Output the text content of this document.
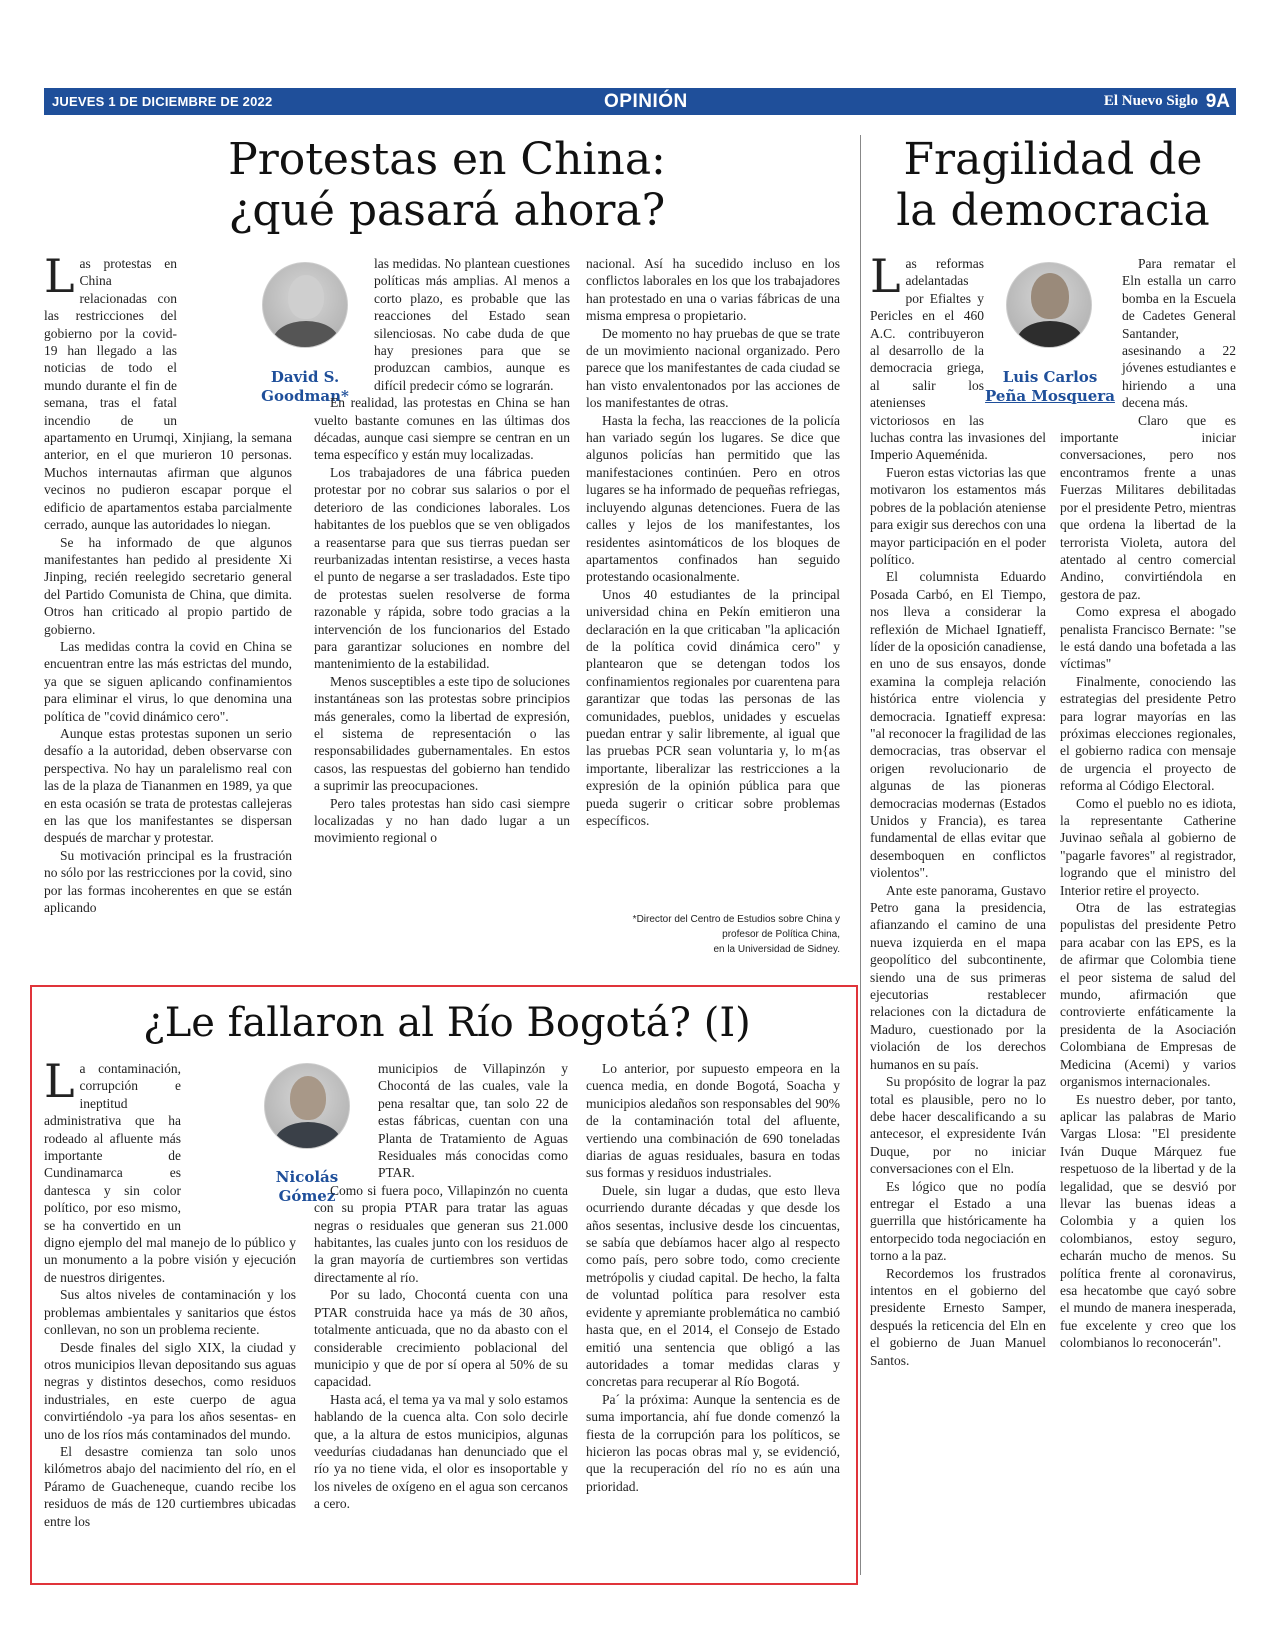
JUEVES 1 DE DICIEMBRE DE 2022	OPINIÓN	El Nuevo Siglo 9A
Protestas en China:
¿qué pasará ahora?
David S.
Goodman*

Las protestas en China relacionadas con las restricciones del gobierno por la covid-19 han llegado a las noticias de todo el mundo durante el fin de semana, tras el fatal incendio de un apartamento en Urumqi, Xinjiang, la semana anterior, en el que murieron 10 personas. Muchos internautas afirman que algunos vecinos no pudieron escapar porque el edificio de apartamentos estaba parcialmente cerrado, aunque las autoridades lo niegan.

Se ha informado de que algunos manifestantes han pedido al presidente Xi Jinping, recién reelegido secretario general del Partido Comunista de China, que dimita. Otros han criticado al propio partido de gobierno.

Las medidas contra la covid en China se encuentran entre las más estrictas del mundo, ya que se siguen aplicando confinamientos para eliminar el virus, lo que denomina una política de "covid dinámico cero".

Aunque estas protestas suponen un serio desafío a la autoridad, deben observarse con perspectiva. No hay un paralelismo real con las de la plaza de Tiananmen en 1989, ya que en esta ocasión se trata de protestas callejeras en las que los manifestantes se dispersan después de marchar y protestar.

Su motivación principal es la frustración no sólo por las restricciones por la covid, sino por las formas incoherentes en que se están aplicando

las medidas. No plantean cuestiones políticas más amplias. Al menos a corto plazo, es probable que las reacciones del Estado sean silenciosas. No cabe duda de que hay presiones para que se produzcan cambios, aunque es difícil predecir cómo se lograrán.

En realidad, las protestas en China se han vuelto bastante comunes en las últimas dos décadas, aunque casi siempre se centran en un tema específico y están muy localizadas.

Los trabajadores de una fábrica pueden protestar por no cobrar sus salarios o por el deterioro de las condiciones laborales. Los habitantes de los pueblos que se ven obligados a reasentarse para que sus tierras puedan ser reurbanizadas intentan resistirse, a veces hasta el punto de negarse a ser trasladados. Este tipo de protestas suelen resolverse de forma razonable y rápida, sobre todo gracias a la intervención de los funcionarios del Estado para garantizar soluciones en nombre del mantenimiento de la estabilidad.

Menos susceptibles a este tipo de soluciones instantáneas son las protestas sobre principios más generales, como la libertad de expresión, el sistema de representación o las responsabilidades gubernamentales. En estos casos, las respuestas del gobierno han tendido a suprimir las preocupaciones.

Pero tales protestas han sido casi siempre localizadas y no han dado lugar a un movimiento regional o

nacional. Así ha sucedido incluso en los conflictos laborales en los que los trabajadores han protestado en una o varias fábricas de una misma empresa o propietario.

De momento no hay pruebas de que se trate de un movimiento nacional organizado. Pero parece que los manifestantes de cada ciudad se han visto envalentonados por las acciones de los manifestantes de otras.

Hasta la fecha, las reacciones de la policía han variado según los lugares. Se dice que algunos policías han permitido que las manifestaciones continúen. Pero en otros lugares se ha informado de pequeñas refriegas, incluyendo algunas detenciones. Fuera de las calles y lejos de los manifestantes, los residentes asintomáticos de los bloques de apartamentos confinados han seguido protestando ocasionalmente.

Unos 40 estudiantes de la principal universidad china en Pekín emitieron una declaración en la que criticaban "la aplicación de la política covid dinámica cero" y plantearon que se detengan todos los confinamientos regionales por cuarentena para garantizar que todas las personas de las comunidades, pueblos, unidades y escuelas puedan entrar y salir libremente, al igual que las pruebas PCR sean voluntaria y, lo m{as importante, liberalizar las restricciones a la expresión de la opinión pública para que pueda sugerir o criticar sobre problemas específicos.

*Director del Centro de Estudios sobre China y
profesor de Política China,
en la Universidad de Sidney.
Fragilidad de
la democracia
Luis Carlos
Peña Mosquera

Las reformas adelantadas por Efialtes y Pericles en el 460 A.C. contribuyeron al desarrollo de la democracia griega, al salir los atenienses victoriosos en las luchas contra las invasiones del Imperio Aqueménida.

Fueron estas victorias las que motivaron los estamentos más pobres de la población ateniense para exigir sus derechos con una mayor participación en el poder político.

El columnista Eduardo Posada Carbó, en El Tiempo, nos lleva a considerar la reflexión de Michael Ignatieff, líder de la oposición canadiense, en uno de sus ensayos, donde examina la compleja relación histórica entre violencia y democracia. Ignatieff expresa: "al reconocer la fragilidad de las democracias, tras observar el origen revolucionario de algunas de las pioneras democracias modernas (Estados Unidos y Francia), es tarea fundamental de ellas evitar que desemboquen en conflictos violentos".

Ante este panorama, Gustavo Petro gana la presidencia, afianzando el camino de una nueva izquierda en el mapa geopolítico del subcontinente, siendo una de sus primeras ejecutorias restablecer relaciones con la dictadura de Maduro, cuestionado por la violación de los derechos humanos en su país.

Su propósito de lograr la paz total es plausible, pero no lo debe hacer descalificando a su antecesor, el expresidente Iván Duque, por no iniciar conversaciones con el Eln.

Es lógico que no podía entregar el Estado a una guerrilla que históricamente ha entorpecido toda negociación en torno a la paz.

Recordemos los frustrados intentos en el gobierno del presidente Ernesto Samper, después la reticencia del Eln en el gobierno de Juan Manuel Santos.

Para rematar el Eln estalla un carro bomba en la Escuela de Cadetes General Santander, asesinando a 22 jóvenes estudiantes e hiriendo a una decena más.

Claro que es importante iniciar conversaciones, pero nos encontramos frente a unas Fuerzas Militares debilitadas por el presidente Petro, mientras que ordena la libertad de la terrorista Violeta, autora del atentado al centro comercial Andino, convirtiéndola en gestora de paz.

Como expresa el abogado penalista Francisco Bernate: "se le está dando una bofetada a las víctimas"

Finalmente, conociendo las estrategias del presidente Petro para lograr mayorías en las próximas elecciones regionales, el gobierno radica con mensaje de urgencia el proyecto de reforma al Código Electoral.

Como el pueblo no es idiota, la representante Catherine Juvinao señala al gobierno de "pagarle favores" al registrador, logrando que el ministro del Interior retire el proyecto.

Otra de las estrategias populistas del presidente Petro para acabar con las EPS, es la de afirmar que Colombia tiene el peor sistema de salud del mundo, afirmación que controvierte enfáticamente la presidenta de la Asociación Colombiana de Empresas de Medicina (Acemi) y varios organismos internacionales.

Es nuestro deber, por tanto, aplicar las palabras de Mario Vargas Llosa: "El presidente Iván Duque Márquez fue respetuoso de la libertad y de la legalidad, que se desvió por llevar las buenas ideas a Colombia y a quien los colombianos, estoy seguro, echarán mucho de menos. Su política frente al coronavirus, esa hecatombe que cayó sobre el mundo de manera inesperada, fue excelente y creo que los colombianos lo reconocerán".

¿Le fallaron al Río Bogotá? (I)
Nicolás
Gómez

La contaminación, corrupción e ineptitud administrativa que ha rodeado al afluente más importante de Cundinamarca es dantesca y sin color político, por eso mismo, se ha convertido en un digno ejemplo del mal manejo de lo público y un monumento a la pobre visión y ejecución de nuestros dirigentes.

Sus altos niveles de contaminación y los problemas ambientales y sanitarios que éstos conllevan, no son un problema reciente.

Desde finales del siglo XIX, la ciudad y otros municipios llevan depositando sus aguas negras y distintos desechos, como residuos industriales, en este cuerpo de agua convirtiéndolo -ya para los años sesentas- en uno de los ríos más contaminados del mundo.

El desastre comienza tan solo unos kilómetros abajo del nacimiento del río, en el Páramo de Guacheneque, cuando recibe los residuos de más de 120 curtiembres ubicadas entre los

municipios de Villapinzón y Chocontá de las cuales, vale la pena resaltar que, tan solo 22 de estas fábricas, cuentan con una Planta de Tratamiento de Aguas Residuales más conocidas como PTAR.

Como si fuera poco, Villapinzón no cuenta con su propia PTAR para tratar las aguas negras o residuales que generan sus 21.000 habitantes, las cuales junto con los residuos de la gran mayoría de curtiembres son vertidas directamente al río.

Por su lado, Chocontá cuenta con una PTAR construida hace ya más de 30 años, totalmente anticuada, que no da abasto con el considerable crecimiento poblacional del municipio y que de por sí opera al 50% de su capacidad.

Hasta acá, el tema ya va mal y solo estamos hablando de la cuenca alta. Con solo decirle que, a la altura de estos municipios, algunas veedurías ciudadanas han denunciado que el río ya no tiene vida, el olor es insoportable y los niveles de oxígeno en el agua son cercanos a cero.

Lo anterior, por supuesto empeora en la cuenca media, en donde Bogotá, Soacha y municipios aledaños son responsables del 90% de la contaminación total del afluente, vertiendo una combinación de 690 toneladas diarias de aguas residuales, basura en todas sus formas y residuos industriales.

Duele, sin lugar a dudas, que esto lleva ocurriendo durante décadas y que desde los años sesentas, inclusive desde los cincuentas, se sabía que debíamos hacer algo al respecto como país, pero sobre todo, como creciente metrópolis y ciudad capital. De hecho, la falta de voluntad política para resolver esta evidente y apremiante problemática no cambió hasta que, en el 2014, el Consejo de Estado emitió una sentencia que obligó a las autoridades a tomar medidas claras y concretas para recuperar al Río Bogotá.

Pa´ la próxima: Aunque la sentencia es de suma importancia, ahí fue donde comenzó la fiesta de la corrupción para los políticos, se hicieron las pocas obras mal y, se evidenció, que la recuperación del río no es aún una prioridad.
